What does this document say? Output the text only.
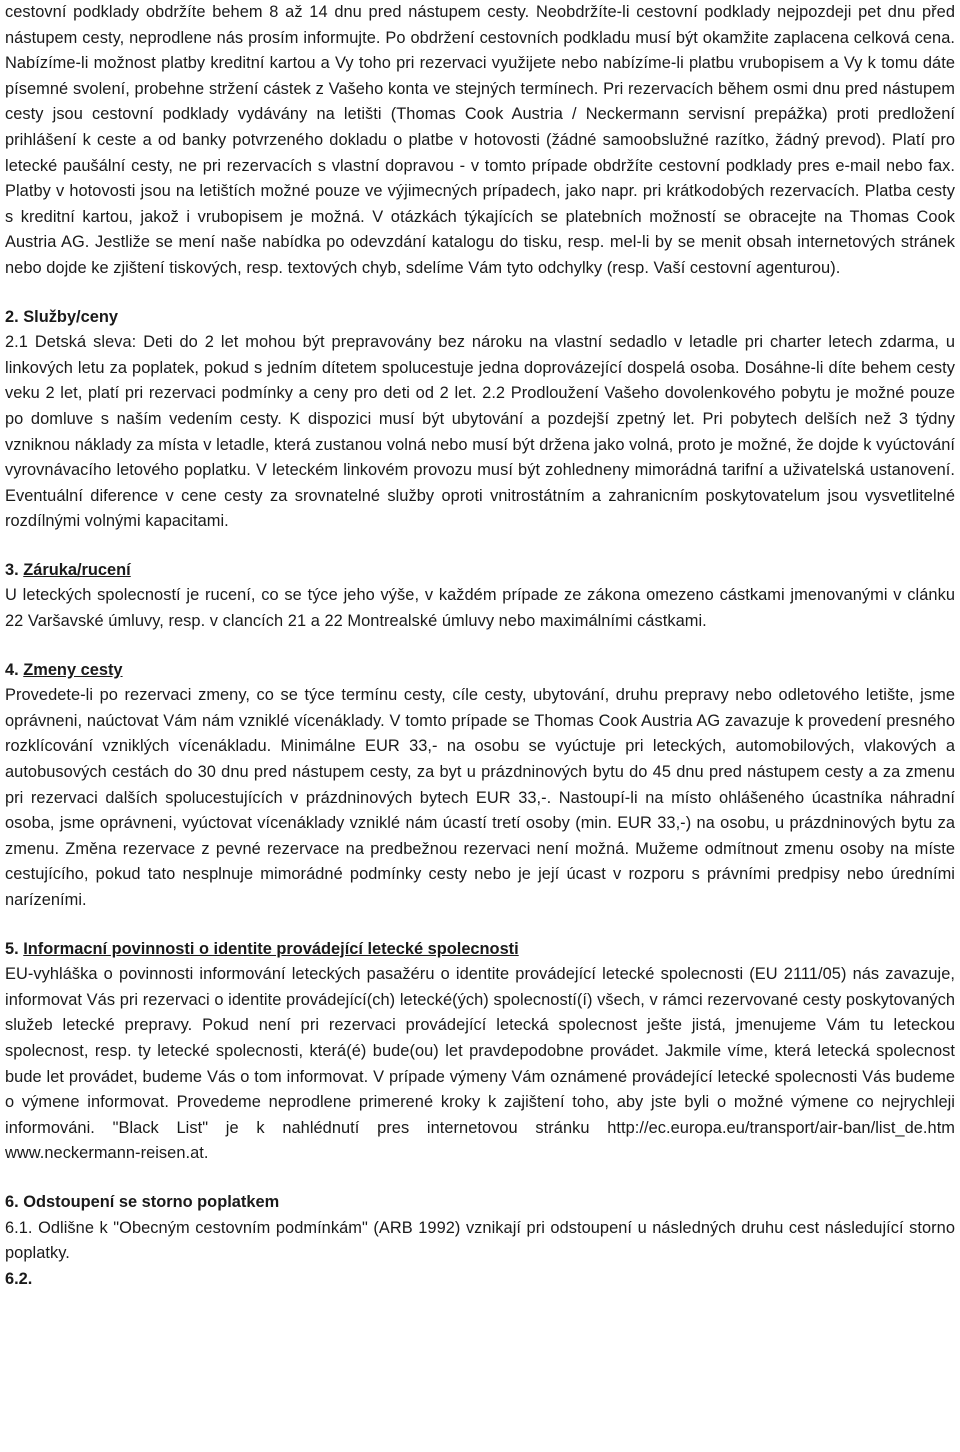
cestovní podklady obdržíte behem 8 až 14 dnu pred nástupem cesty. Neobdržíte-li cestovní podklady nejpozdeji pet dnu před nástupem cesty, neprodlene nás prosím informujte. Po obdržení cestovních podkladu musí být okamžite zaplacena celková cena. Nabízíme-li možnost platby kreditní kartou a Vy toho pri rezervaci využijete nebo nabízíme-li platbu vrubopisem a Vy k tomu dáte písemné svolení, probehne stržení cástek z Vašeho konta ve stejných termínech. Pri rezervacích během osmi dnu pred nástupem cesty jsou cestovní podklady vydávány na letišti (Thomas Cook Austria / Neckermann servisní prepážka) proti predložení prihlášení k ceste a od banky potvrzeného dokladu o platbe v hotovosti (žádné samoobslužné razítko, žádný prevod). Platí pro letecké paušální cesty, ne pri rezervacích s vlastní dopravou - v tomto prípade obdržíte cestovní podklady pres e-mail nebo fax. Platby v hotovosti jsou na letištích možné pouze ve výjimecných prípadech, jako napr. pri krátkodobých rezervacích. Platba cesty s kreditní kartou, jakož i vrubopisem je možná. V otázkách týkajících se platebních možností se obracejte na Thomas Cook Austria AG. Jestliže se mení naše nabídka po odevzdání katalogu do tisku, resp. mel-li by se menit obsah internetových stránek nebo dojde ke zjištení tiskových, resp. textových chyb, sdelíme Vám tyto odchylky (resp. Vaší cestovní agenturou).

2. Služby/ceny

2.1 Detská sleva: Deti do 2 let mohou být prepravovány bez nároku na vlastní sedadlo v letadle pri charter letech zdarma, u linkových letu za poplatek, pokud s jedním dítetem spolucestuje jedna doprovázející dospelá osoba. Dosáhne-li díte behem cesty veku 2 let, platí pri rezervaci podmínky a ceny pro deti od 2 let. 2.2 Prodloužení Vašeho dovolenkového pobytu je možné pouze po domluve s naším vedením cesty. K dispozici musí být ubytování a pozdejší zpetný let. Pri pobytech delších než 3 týdny vzniknou náklady za místa v letadle, která zustanou volná nebo musí být držena jako volná, proto je možné, že dojde k vyúctování vyrovnávacího letového poplatku. V leteckém linkovém provozu musí být zohledneny mimorádná tarifní a uživatelská ustanovení. Eventuální diference v cene cesty za srovnatelné služby oproti vnitrostátním a zahranicním poskytovatelum jsou vysvetlitelné rozdílnými volnými kapacitami.

3. Záruka/rucení

U leteckých spolecností je rucení, co se týce jeho výše, v každém prípade ze zákona omezeno cástkami jmenovanými v clánku 22 Varšavské úmluvy, resp. v clancích 21 a 22 Montrealské úmluvy nebo maximálními cástkami.

4. Zmeny cesty

Provedete-li po rezervaci zmeny, co se týce termínu cesty, cíle cesty, ubytování, druhu prepravy nebo odletového letište, jsme oprávneni, naúctovat Vám nám vzniklé vícenáklady. V tomto prípade se Thomas Cook Austria AG zavazuje k provedení presného rozklícování vzniklých vícenákladu. Minimálne EUR 33,- na osobu se vyúctuje pri leteckých, automobilových, vlakových a autobusových cestách do 30 dnu pred nástupem cesty, za byt u prázdninových bytu do 45 dnu pred nástupem cesty a za zmenu pri rezervaci dalších spolucestujících v prázdninových bytech EUR 33,-. Nastoupí-li na místo ohlášeného úcastníka náhradní osoba, jsme oprávneni, vyúctovat vícenáklady vzniklé nám úcastí tretí osoby (min. EUR 33,-) na osobu, u prázdninových bytu za zmenu. Změna rezervace z pevné rezervace na predbežnou rezervaci není možná. Mužeme odmítnout zmenu osoby na míste cestujícího, pokud tato nesplnuje mimorádné podmínky cesty nebo je její úcast v rozporu s právními predpisy nebo úredními narízeními.

5. Informacní povinnosti o identite provádející letecké spolecnosti

EU-vyhláška o povinnosti informování leteckých pasažéru o identite provádející letecké spolecnosti (EU 2111/05) nás zavazuje, informovat Vás pri rezervaci o identite provádející(ch) letecké(ých) spolecností(í) všech, v rámci rezervované cesty poskytovaných služeb letecké prepravy. Pokud není pri rezervaci provádející letecká spolecnost ješte jistá, jmenujeme Vám tu leteckou spolecnost, resp. ty letecké spolecnosti, která(é) bude(ou) let pravdepodobne provádet. Jakmile víme, která letecká spolecnost bude let provádet, budeme Vás o tom informovat. V prípade výmeny Vám oznámené provádející letecké spolecnosti Vás budeme o výmene informovat. Provedeme neprodlene primerené kroky k zajištení toho, aby jste byli o možné výmene co nejrychleji informováni. "Black List" je k nahlédnutí pres internetovou stránku http://ec.europa.eu/transport/air-ban/list_de.htm www.neckermann-reisen.at.

6. Odstoupení se storno poplatkem

6.1. Odlišne k "Obecným cestovním podmínkám" (ARB 1992) vznikají pri odstoupení u následných druhu cest následující storno poplatky.

6.2.
